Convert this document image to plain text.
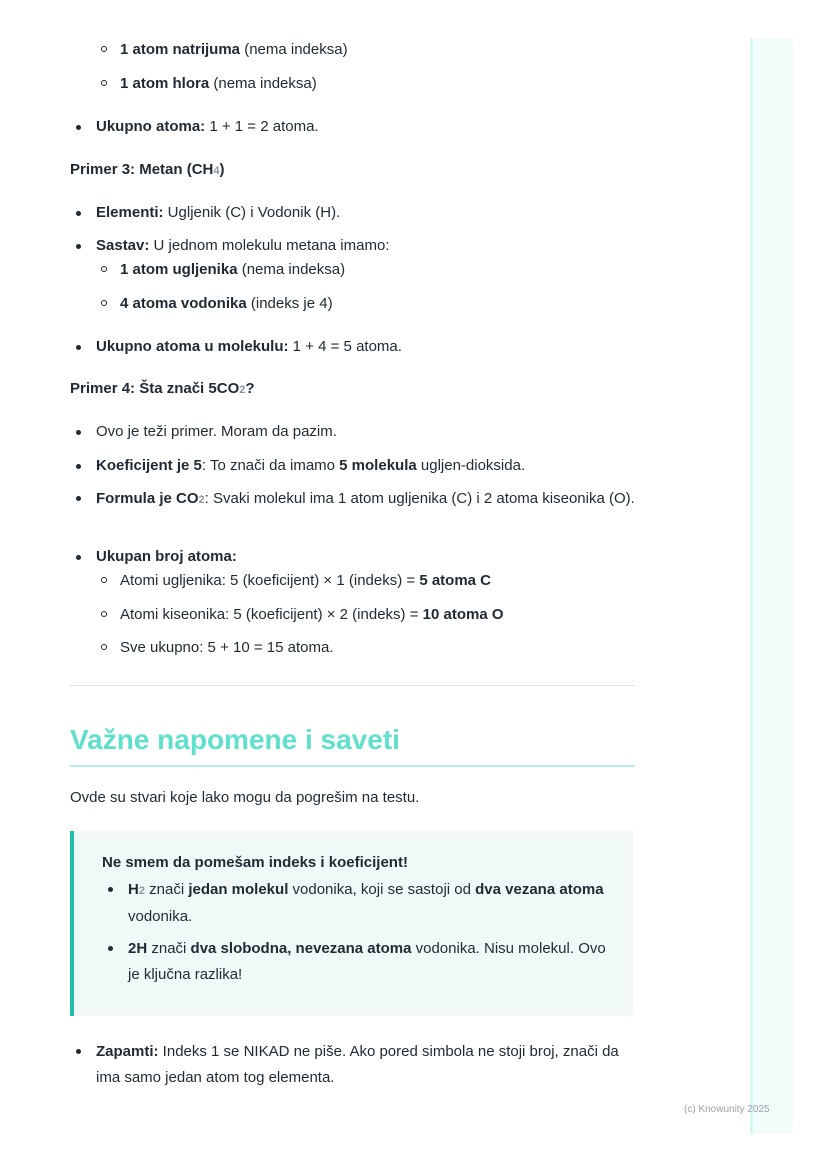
1 atom natrijuma (nema indeksa)
1 atom hlora (nema indeksa)
Ukupno atoma: 1 + 1 = 2 atoma.

Primer 3: Metan (CH4)

Elementi: Ugljenik (C) i Vodonik (H).
Sastav: U jednom molekulu metana imamo:
1 atom ugljenika (nema indeksa)
4 atoma vodonika (indeks je 4)
Ukupno atoma u molekulu: 1 + 4 = 5 atoma.

Primer 4: Šta znači 5CO2?

Ovo je teži primer. Moram da pazim.
Koeficijent je 5: To znači da imamo 5 molekula ugljen-dioksida.
Formula je CO2: Svaki molekul ima 1 atom ugljenika (C) i 2 atoma kiseonika (O).
Ukupan broj atoma:
Atomi ugljenika: 5 (koeficijent) × 1 (indeks) = 5 atoma C
Atomi kiseonika: 5 (koeficijent) × 2 (indeks) = 10 atoma O
Sve ukupno: 5 + 10 = 15 atoma.
Važne napomene i saveti

Ovde su stvari koje lako mogu da pogrešim na testu.

Ne smem da pomešam indeks i koeficijent!

H2 znači jedan molekul vodonika, koji se sastoji od dva vezana atoma vodonika.
2H znači dva slobodna, nevezana atoma vodonika. Nisu molekul. Ovo je ključna razlika!
Zapamti: Indeks 1 se NIKAD ne piše. Ako pored simbola ne stoji broj, znači da ima samo jedan atom tog elementa.
(c) Knowunity 2025
